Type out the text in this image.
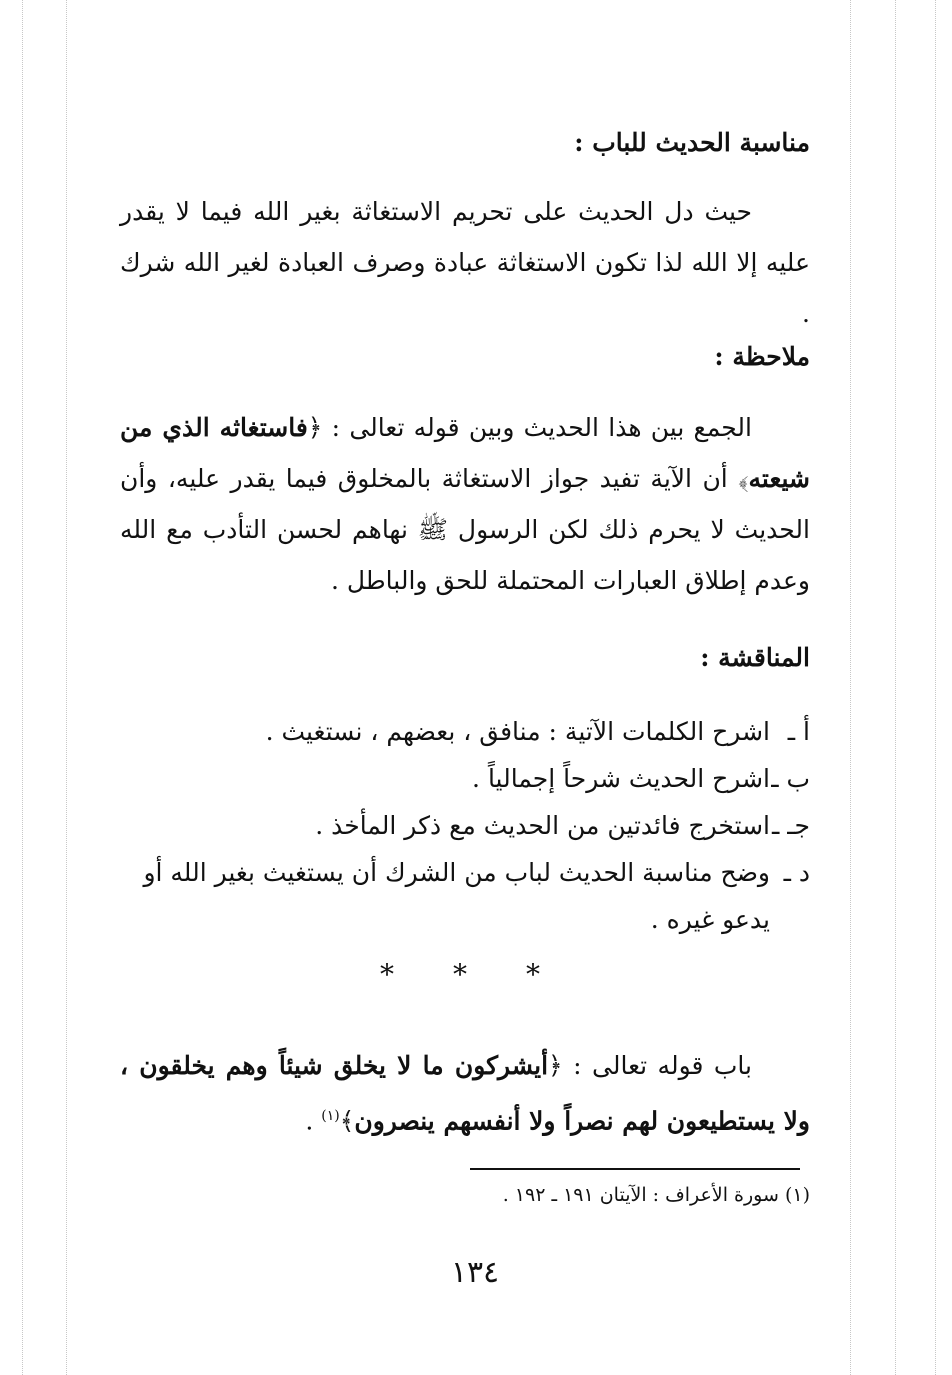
مناسبة الحديث للباب :

حيث دل الحديث على تحريم الاستغاثة بغير الله فيما لا يقدر عليه إلا الله لذا تكون الاستغاثة عبادة وصرف العبادة لغير الله شرك .

ملاحظة :

الجمع بين هذا الحديث وبين قوله تعالى : ﴿فاستغاثه الذي من شيعته﴾ أن الآية تفيد جواز الاستغاثة بالمخلوق فيما يقدر عليه، وأن الحديث لا يحرم ذلك لكن الرسول ﷺ نهاهم لحسن التأدب مع الله وعدم إطلاق العبارات المحتملة للحق والباطل .

المناقشة :
أ ـ
اشرح الكلمات الآتية : منافق ، بعضهم ، نستغيث .
ب ـ
اشرح الحديث شرحاً إجمالياً .
جـ ـ
استخرج فائدتين من الحديث مع ذكر المأخذ .
د ـ
وضح مناسبة الحديث لباب من الشرك أن يستغيث بغير الله أو يدعو غيره .
* * *

باب قوله تعالى : ﴿أيشركون ما لا يخلق شيئاً وهم يخلقون ، ولا يستطيعون لهم نصراً ولا أنفسهم ينصرون﴾$^{(١)}$ .

(١) سورة الأعراف : الآيتان ١٩١ ـ ١٩٢ .
١٣٤
